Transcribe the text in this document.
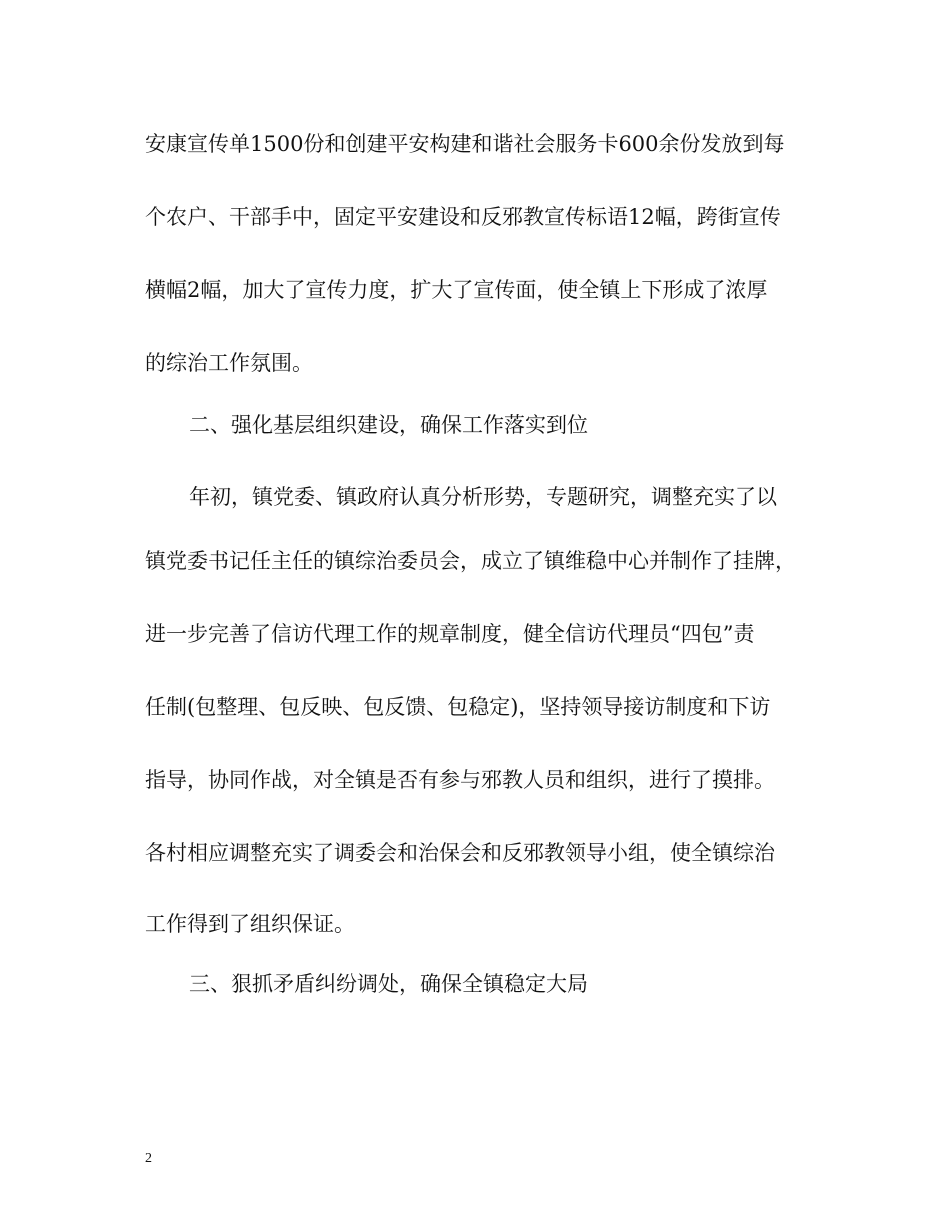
安康宣传单1500份和创建平安构建和谐社会服务卡600余份发放到每
个农户、干部手中，固定平安建设和反邪教宣传标语12幅，跨街宣传
横幅2幅，加大了宣传力度，扩大了宣传面，使全镇上下形成了浓厚
的综治工作氛围。
二、强化基层组织建设，确保工作落实到位
年初，镇党委、镇政府认真分析形势，专题研究，调整充实了以
镇党委书记任主任的镇综治委员会，成立了镇维稳中心并制作了挂牌，
进一步完善了信访代理工作的规章制度，健全信访代理员“四包”责
任制(包整理、包反映、包反馈、包稳定)，坚持领导接访制度和下访
指导，协同作战，对全镇是否有参与邪教人员和组织，进行了摸排。
各村相应调整充实了调委会和治保会和反邪教领导小组，使全镇综治
工作得到了组织保证。
三、狠抓矛盾纠纷调处，确保全镇稳定大局
2
